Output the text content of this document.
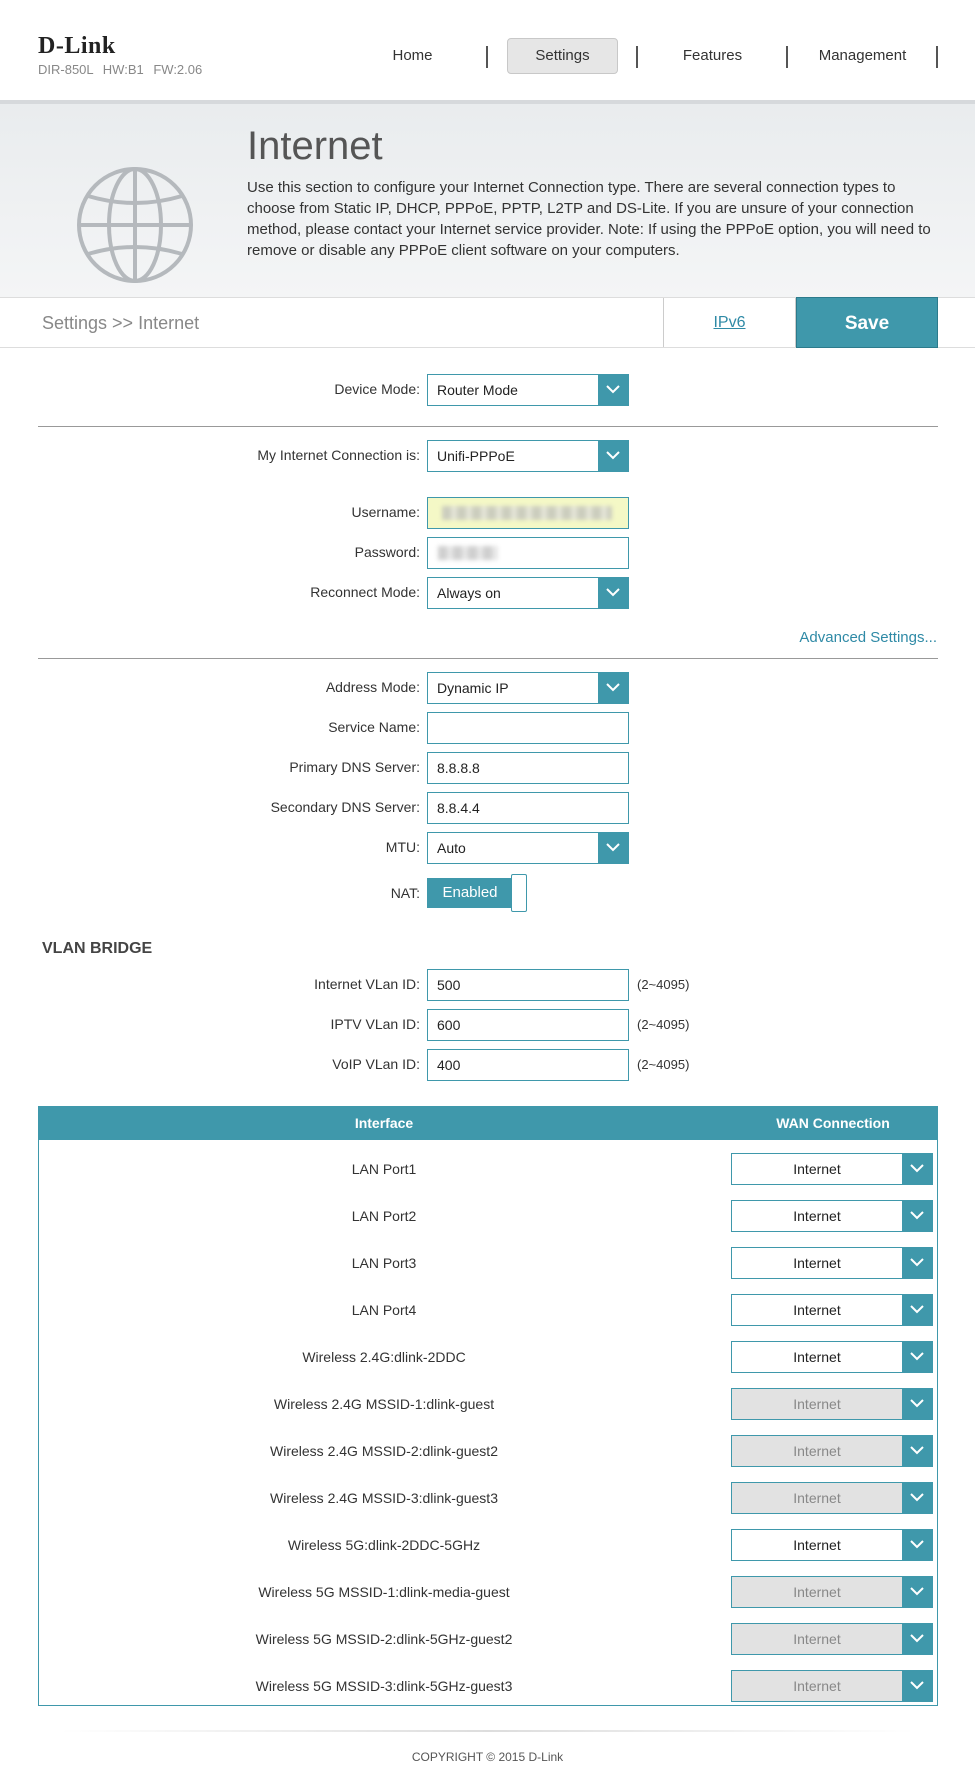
D-Link
DIR-850L HW:B1 FW:2.06
Home	Settings	Features	Management
Internet
Use this section to configure your Internet Connection type. There are several connection types to choose from Static IP, DHCP, PPPoE, PPTP, L2TP and DS-Lite. If you are unsure of your connection method, please contact your Internet service provider. Note: If using the PPPoE option, you will need to remove or disable any PPPoE client software on your computers.
Settings >> Internet	IPv6	Save
Device Mode:	Router Mode
My Internet Connection is:	Unifi-PPPoE
Username:
Password:
Reconnect Mode:	Always on
Advanced Settings...
Address Mode:	Dynamic IP
Service Name:
Primary DNS Server:	8.8.8.8
Secondary DNS Server:	8.8.4.4
MTU:	Auto
NAT:	Enabled
VLAN BRIDGE
Internet VLan ID:	500	(2~4095)
IPTV VLan ID:	600	(2~4095)
VoIP VLan ID:	400	(2~4095)
Interface	WAN Connection
LAN Port1	Internet
LAN Port2	Internet
LAN Port3	Internet
LAN Port4	Internet
Wireless 2.4G:dlink-2DDC	Internet
Wireless 2.4G MSSID-1:dlink-guest	Internet
Wireless 2.4G MSSID-2:dlink-guest2	Internet
Wireless 2.4G MSSID-3:dlink-guest3	Internet
Wireless 5G:dlink-2DDC-5GHz	Internet
Wireless 5G MSSID-1:dlink-media-guest	Internet
Wireless 5G MSSID-2:dlink-5GHz-guest2	Internet
Wireless 5G MSSID-3:dlink-5GHz-guest3	Internet
COPYRIGHT © 2015 D-Link
